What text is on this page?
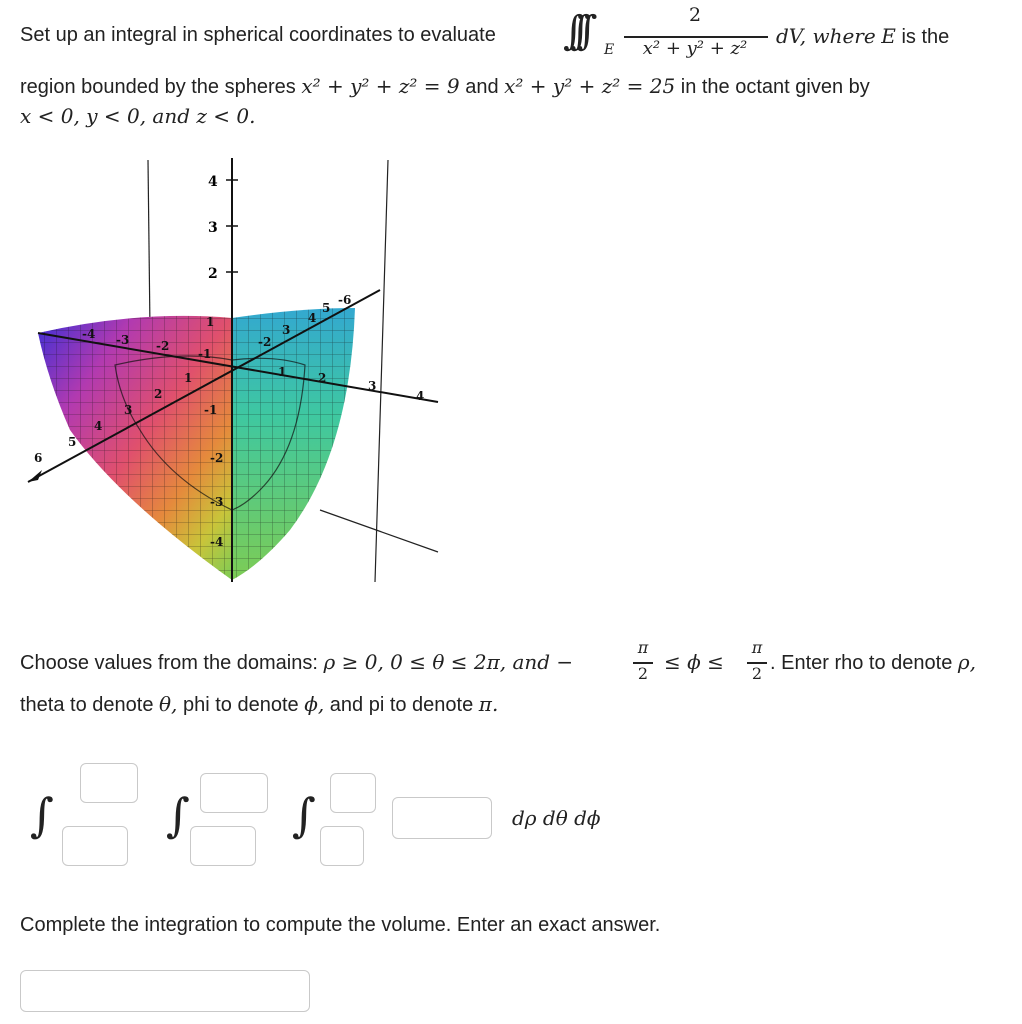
Set up an integral in spherical coordinates to evaluate ∫∫∫ E
2
x² + y² + z²
dV, where E is the
region bounded by the spheres x² + y² + z² = 9 and x² + y² + z² = 25 in the octant given by
x < 0, y < 0, and z < 0.
4
3
2
1
-2
3
4
5
-6
1	2
3
4
-1
-2
-3
-4
1
2
3
4
5
-1
-2
-3
-4
6
Choose values from the domains: ρ ≥ 0, 0 ≤ θ ≤ 2π, and −
π
2 ≤ ϕ ≤
π
2 . Enter rho to denote ρ,
theta to denote θ, phi to denote ϕ, and pi to denote π.
∫ ∫ ∫	dρ dθ dϕ
Complete the integration to compute the volume. Enter an exact answer.
